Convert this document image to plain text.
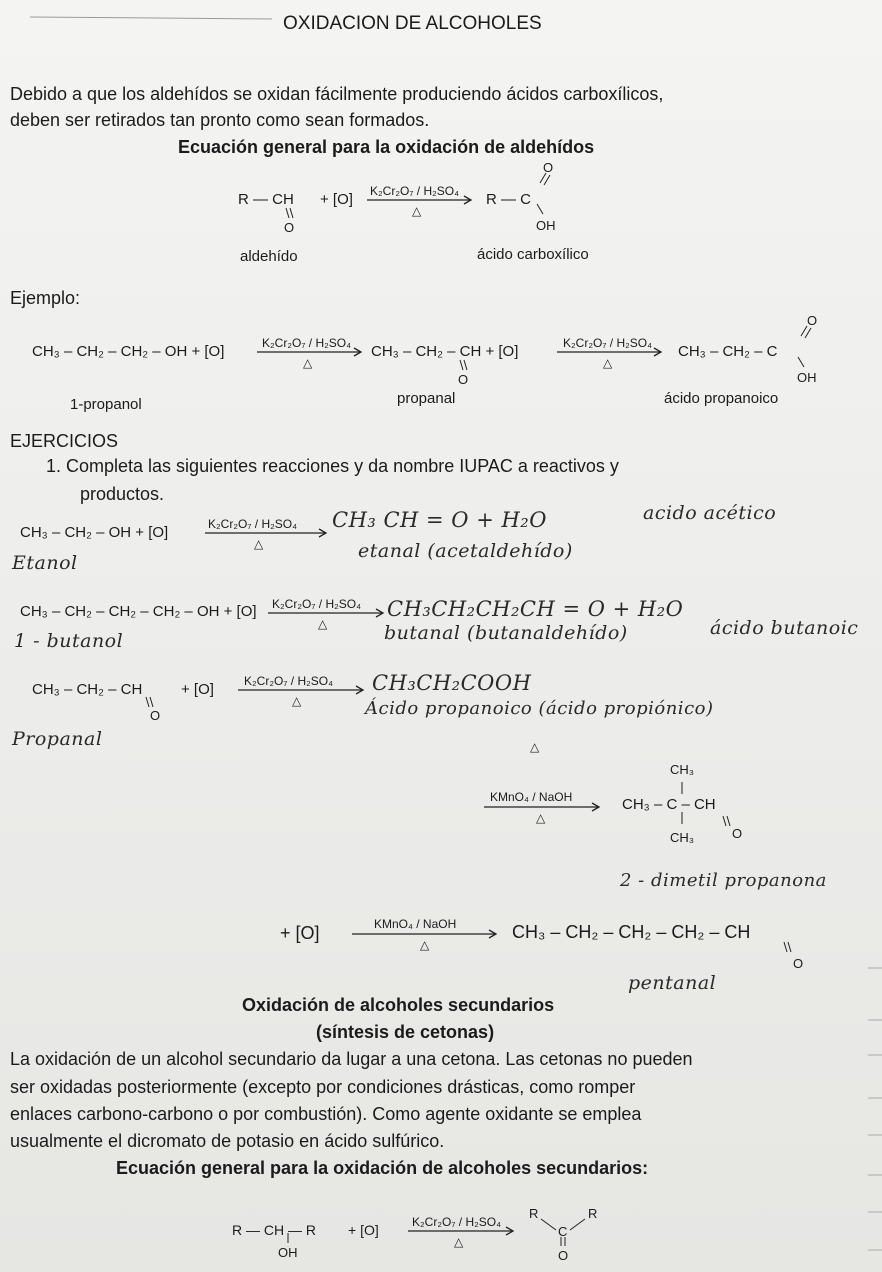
OXIDACION DE ALCOHOLES
Debido a que los aldehídos se oxidan fácilmente produciendo ácidos carboxílicos,
deben ser retirados tan pronto como sean formados.
Ecuación general para la oxidación de aldehídos
R — CH
O
+ [O] K₂Cr₂O₇ / H₂SO₄
△
R — C
O
OH
aldehído	ácido carboxílico
Ejemplo:
CH₃ – CH₂ – CH₂ – OH + [O]	K₂Cr₂O₇ / H₂SO₄
△
CH₃ – CH₂ – CH + [O]
O
K₂Cr₂O₇ / H₂SO₄
△
CH₃ – CH₂ – C
O
OH
1-propanol	propanal	ácido propanoico
EJERCICIOS
1. Completa las siguientes reacciones y da nombre IUPAC a reactivos y
productos.
CH₃ – CH₂ – OH + [O]	K₂Cr₂O₇ / H₂SO₄
△
CH₃ CH = O + H₂O	acido acético
Etanol
etanal (acetaldehído)
CH₃ – CH₂ – CH₂ – CH₂ – OH + [O] K₂Cr₂O₇ / H₂SO₄
△
CH₃CH₂CH₂CH = O + H₂O
1 - butanol	butanal (butanaldehído)	ácido butanoic
CH₃ – CH₂ – CH
O
+ [O]	K₂Cr₂O₇ / H₂SO₄
△
CH₃CH₂COOH
Propanal
Ácido propanoico (ácido propiónico)
△
KMnO₄ / NaOH
△
CH₃
CH₃ – C – CH
CH₃	O
2 - dimetil propanona
+ [O]	KMnO₄ / NaOH
△
CH₃ – CH₂ – CH₂ – CH₂ – CH
O
pentanal
Oxidación de alcoholes secundarios
(síntesis de cetonas)
La oxidación de un alcohol secundario da lugar a una cetona. Las cetonas no pueden
ser oxidadas posteriormente (excepto por condiciones drásticas, como romper
enlaces carbono-carbono o por combustión). Como agente oxidante se emplea
usualmente el dicromato de potasio en ácido sulfúrico.
Ecuación general para la oxidación de alcoholes secundarios:
R — CH — R
OH
+ [O]	K₂Cr₂O₇ / H₂SO₄
△
R	R
C
O
